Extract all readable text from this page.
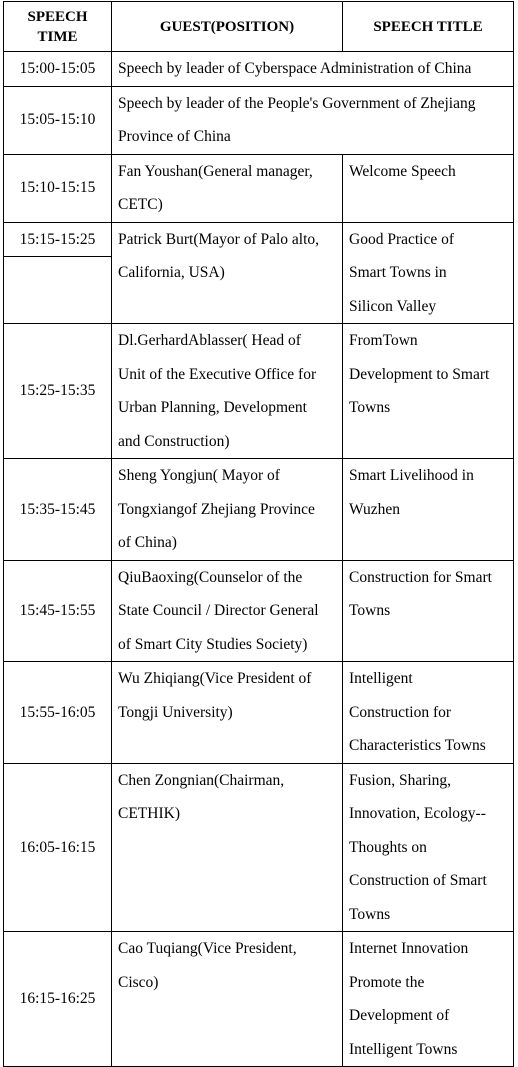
SPEECH TIME	GUEST(POSITION)	SPEECH TITLE
15:00-15:05	Speech by leader of Cyberspace Administration of China	

15:05-15:10	Speech by leader of the People's Government of Zhejiang
Province of China	

15:10-15:15	Fan Youshan(General manager,
CETC)	Welcome Speech

15:15-15:25	Patrick Burt(Mayor of Palo alto,
California, USA)	Good Practice of
Smart Towns in
Silicon Valley

15:25-15:35	Dl.GerhardAblasser( Head of
Unit of the Executive Office for
Urban Planning, Development
and Construction)	FromTown
Development to Smart
Towns

15:35-15:45	Sheng Yongjun( Mayor of
Tongxiangof Zhejiang Province
of China)	Smart Livelihood in
Wuzhen

15:45-15:55	QiuBaoxing(Counselor of the
State Council / Director General
of Smart City Studies Society)	Construction for Smart
Towns

15:55-16:05	Wu Zhiqiang(Vice President of
Tongji University)	Intelligent
Construction for
Characteristics Towns

16:05-16:15	Chen Zongnian(Chairman,
CETHIK)	Fusion, Sharing,
Innovation, Ecology--
Thoughts on
Construction of Smart
Towns

16:15-16:25	Cao Tuqiang(Vice President,
Cisco)	Internet Innovation
Promote the
Development of
Intelligent Towns
